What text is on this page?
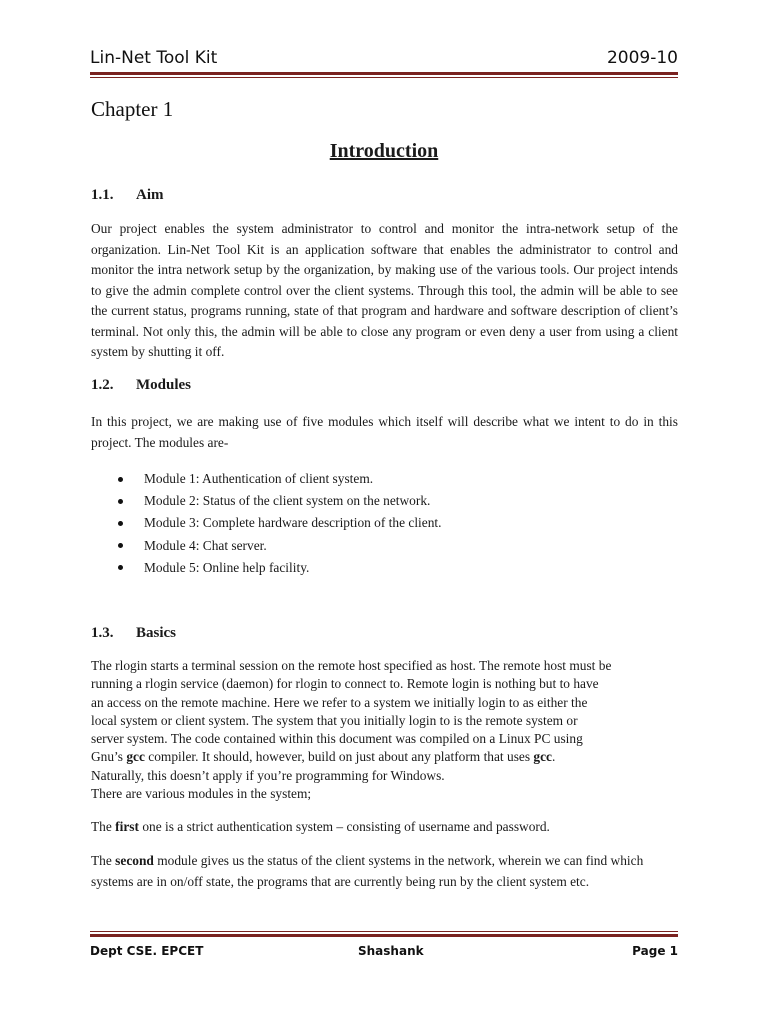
Lin-Net Tool Kit	2009-10
Chapter 1
Introduction
1.1.	Aim

Our project enables the system administrator to control and monitor the intra-network setup of the organization. Lin-Net Tool Kit is an application software that enables the administrator to control and monitor the intra network setup by the organization, by making use of the various tools. Our project intends to give the admin complete control over the client systems. Through this tool, the admin will be able to see the current status, programs running, state of that program and hardware and software description of client’s terminal. Not only this, the admin will be able to close any program or even deny a user from using a client system by shutting it off.

1.2.	Modules

In this project, we are making use of five modules which itself will describe what we intent to do in this project. The modules are-

Module 1: Authentication of client system.
Module 2: Status of the client system on the network.
Module 3: Complete hardware description of the client.
Module 4: Chat server.
Module 5: Online help facility.
1.3.	Basics
The rlogin starts a terminal session on the remote host specified as host. The remote host must be
running a rlogin service (daemon) for rlogin to connect to. Remote login is nothing but to have
an access on the remote machine. Here we refer to a system we initially login to as either the
local system or client system. The system that you initially login to is the remote system or
server system. The code contained within this document was compiled on a Linux PC using
Gnu’s gcc compiler. It should, however, build on just about any platform that uses gcc.
Naturally, this doesn’t apply if you’re programming for Windows.
There are various modules in the system;

The first one is a strict authentication system – consisting of username and password.

The second module gives us the status of the client systems in the network, wherein we can find which systems are in on/off state, the programs that are currently being run by the client system etc.

Dept CSE. EPCET	Shashank	Page 1
